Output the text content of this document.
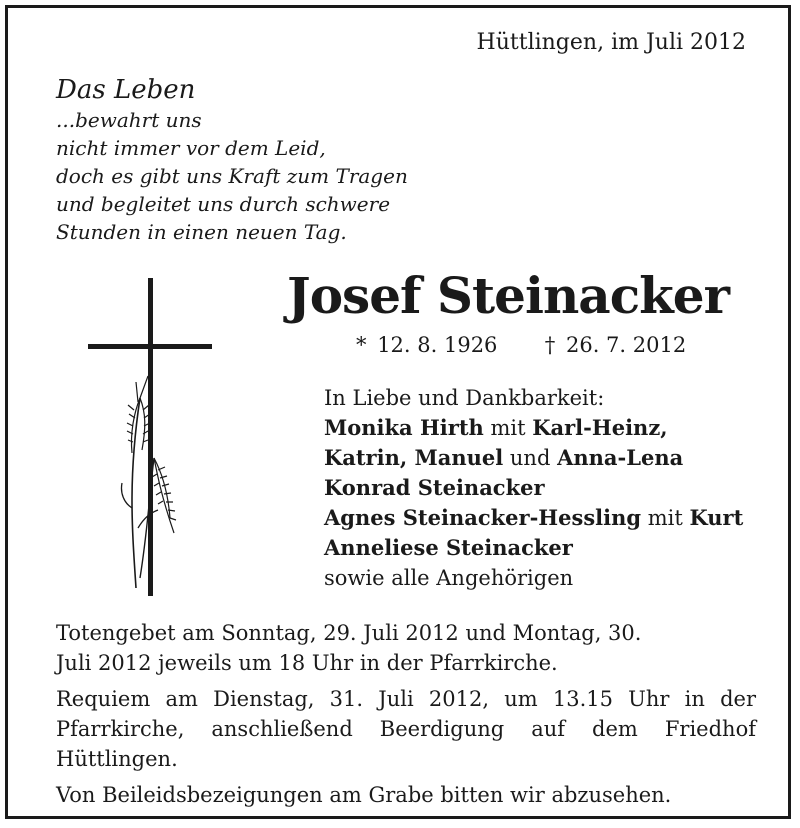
Hüttlingen, im Juli 2012
Das Leben
...bewahrt uns
nicht immer vor dem Leid,
doch es gibt uns Kraft zum Tragen
und begleitet uns durch schwere
Stunden in einen neuen Tag.
Josef Steinacker
* 12. 8. 1926 † 26. 7. 2012
In Liebe und Dankbarkeit:
Monika Hirth mit Karl-Heinz,
Katrin, Manuel und Anna-Lena
Konrad Steinacker
Agnes Steinacker-Hessling mit Kurt
Anneliese Steinacker
sowie alle Angehörigen

Totengebet am Sonntag, 29. Juli 2012 und Montag, 30. Juli 2012 jeweils um 18 Uhr in der Pfarrkirche.

Requiem am Dienstag, 31. Juli 2012, um 13.15 Uhr in der Pfarrkirche, anschließend Beerdigung auf dem Friedhof Hüttlingen.

Von Beileidsbezeigungen am Grabe bitten wir abzusehen.
